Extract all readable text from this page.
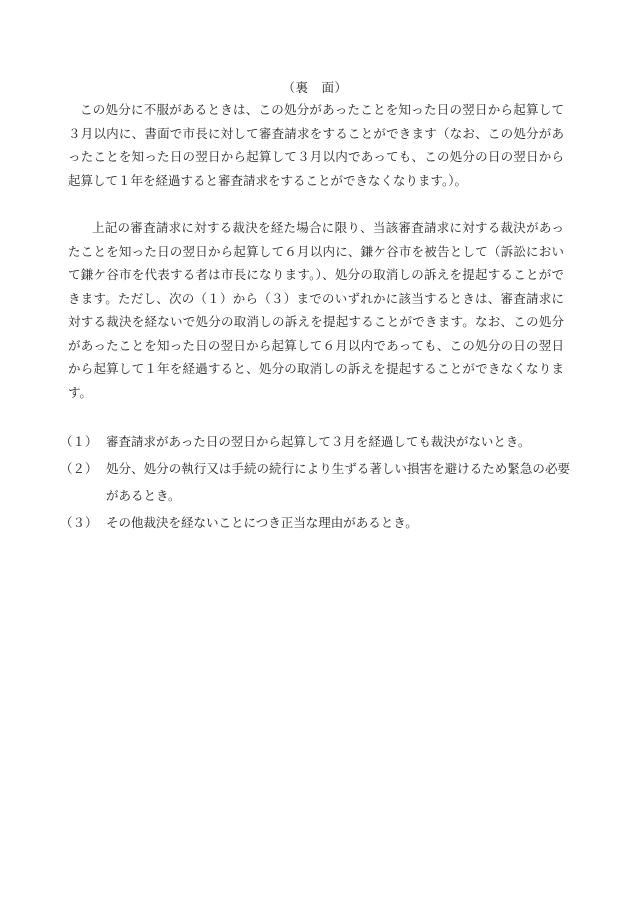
（裏　面）

この処分に不服があるときは、この処分があったことを知った日の翌日から起算して３月以内に、書面で市長に対して審査請求をすることができます（なお、この処分があったことを知った日の翌日から起算して３月以内であっても、この処分の日の翌日から起算して１年を経過すると審査請求をすることができなくなります。）。

上記の審査請求に対する裁決を経た場合に限り、当該審査請求に対する裁決があったことを知った日の翌日から起算して６月以内に、鎌ケ谷市を被告として（訴訟において鎌ケ谷市を代表する者は市長になります。）、処分の取消しの訴えを提起することができます。ただし、次の（１）から（３）までのいずれかに該当するときは、審査請求に対する裁決を経ないで処分の取消しの訴えを提起することができます。なお、この処分があったことを知った日の翌日から起算して６月以内であっても、この処分の日の翌日から起算して１年を経過すると、処分の取消しの訴えを提起することができなくなります。

（１） 審査請求があった日の翌日から起算して３月を経過しても裁決がないとき。
（２） 処分、処分の執行又は手続の続行により生ずる著しい損害を避けるため緊急の必要があるとき。
（３） その他裁決を経ないことにつき正当な理由があるとき。
